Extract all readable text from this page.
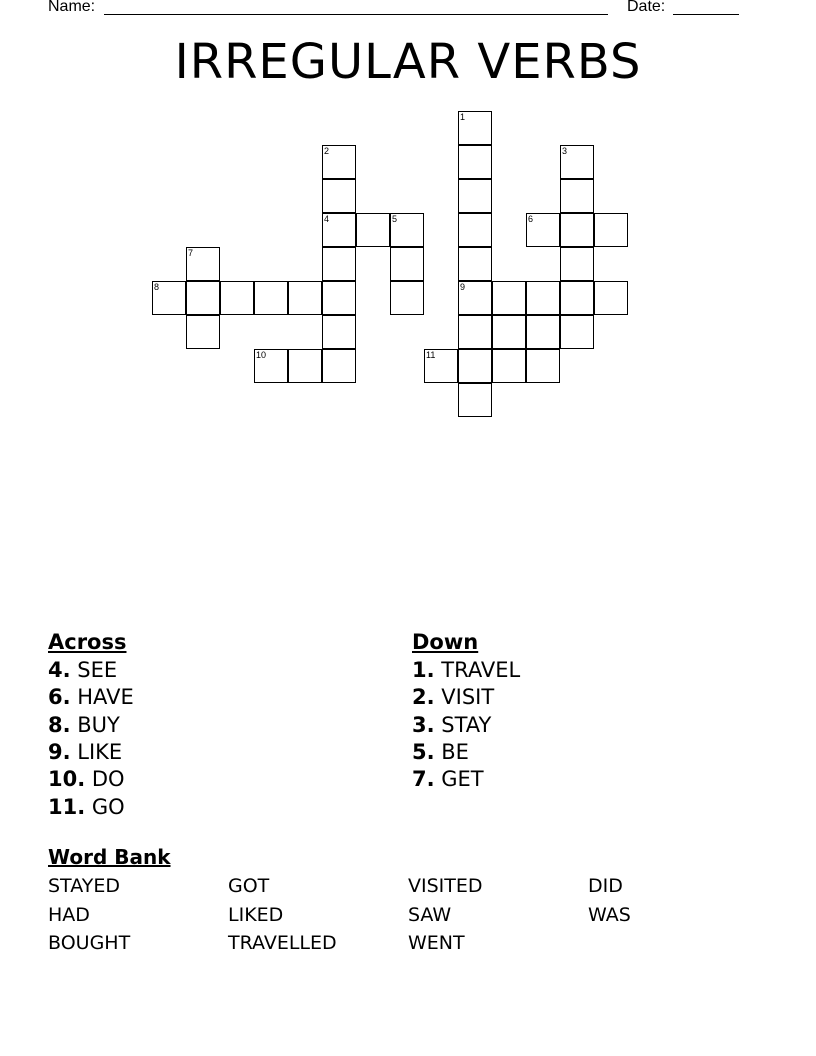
Name:	Date:
IRREGULAR VERBS
1
9
2
4
3
5	6
7
8
10	11
Across
4. SEE
6. HAVE
8. BUY
9. LIKE
10. DO
11. GO
Down
1. TRAVEL
2. VISIT
3. STAY
5. BE
7. GET
Word Bank
STAYED	GOT	VISITED	DID
HAD	LIKED	SAW	WAS
BOUGHT	TRAVELLED	WENT
